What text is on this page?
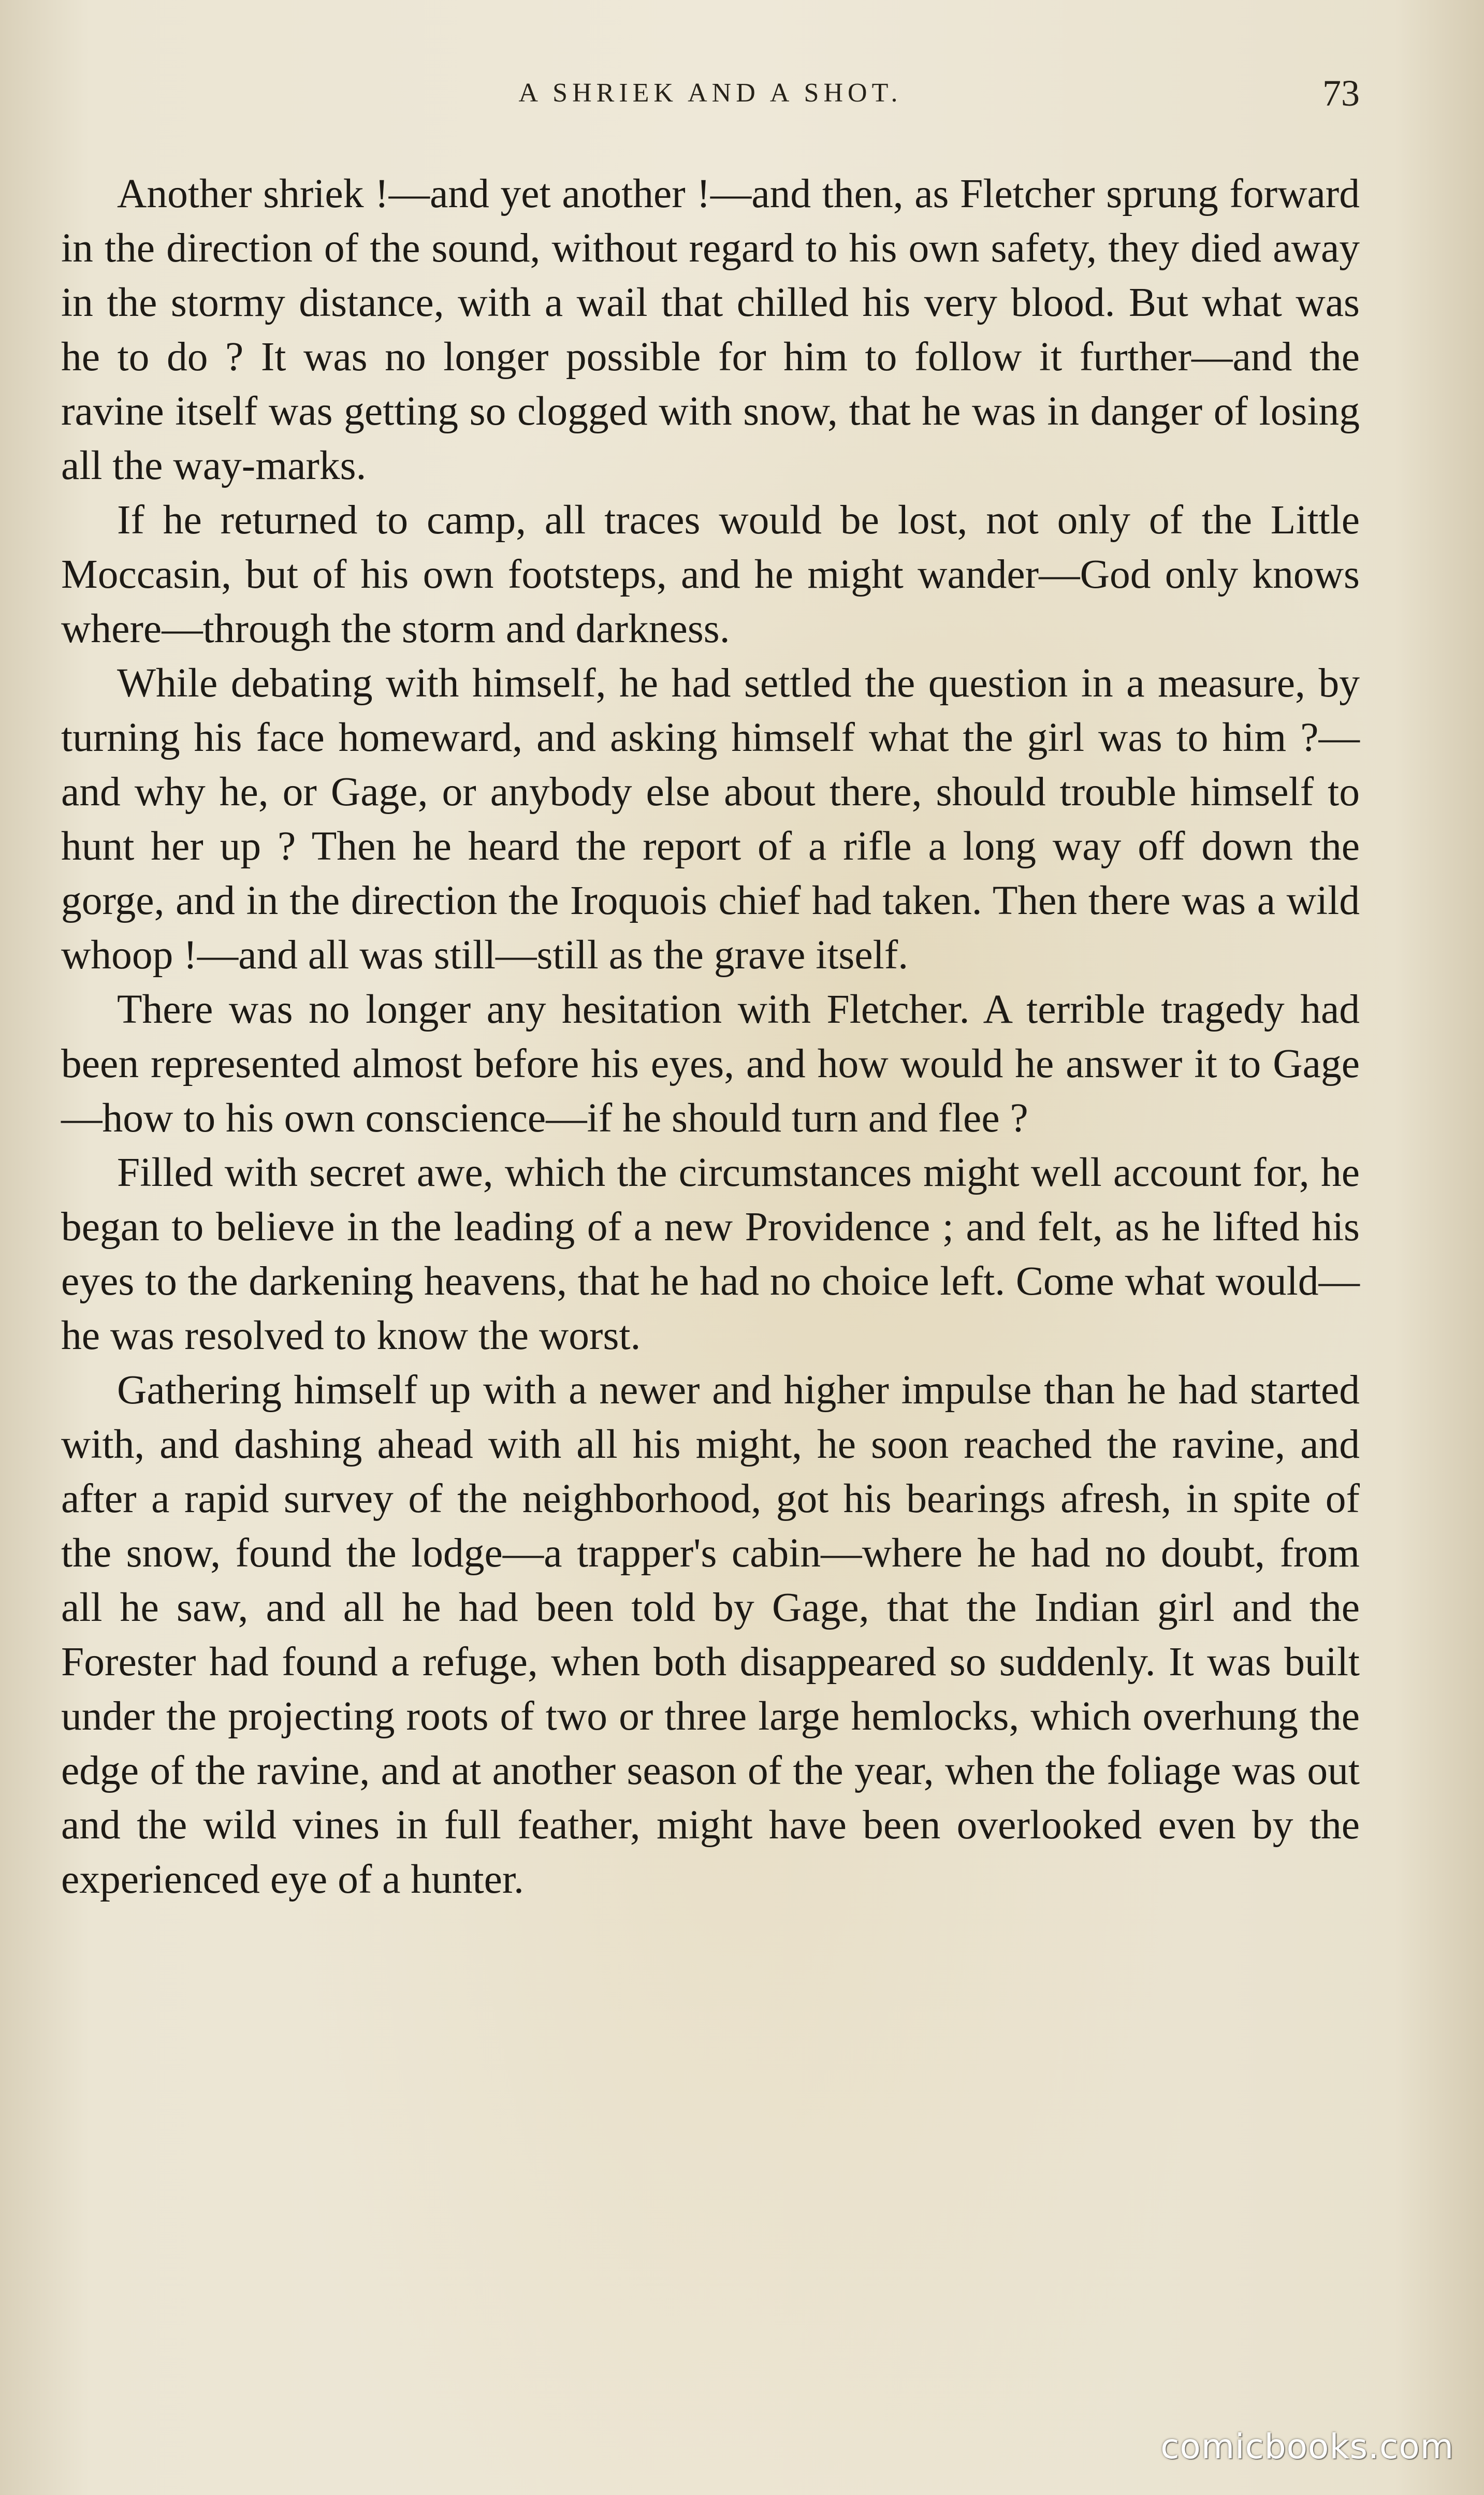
A SHRIEK AND A SHOT.	73

Another shriek !—and yet another !—and then, as Fletcher sprung forward in the direction of the sound, without regard to his own safety, they died away in the stormy distance, with a wail that chilled his very blood. But what was he to do ? It was no longer possible for him to follow it further—and the ravine itself was getting so clogged with snow, that he was in danger of losing all the way-marks.

If he returned to camp, all traces would be lost, not only of the Little Moccasin, but of his own footsteps, and he might wander—God only knows where—through the storm and darkness.

While debating with himself, he had settled the question in a measure, by turning his face homeward, and asking himself what the girl was to him ?—and why he, or Gage, or anybody else about there, should trouble himself to hunt her up ? Then he heard the report of a rifle a long way off down the gorge, and in the direction the Iroquois chief had taken. Then there was a wild whoop !—and all was still—still as the grave itself.

There was no longer any hesitation with Fletcher. A terrible tragedy had been represented almost before his eyes, and how would he answer it to Gage—how to his own conscience—if he should turn and flee ?

Filled with secret awe, which the circumstances might well account for, he began to believe in the leading of a new Providence ; and felt, as he lifted his eyes to the darkening heavens, that he had no choice left. Come what would—he was resolved to know the worst.

Gathering himself up with a newer and higher impulse than he had started with, and dashing ahead with all his might, he soon reached the ravine, and after a rapid survey of the neighborhood, got his bearings afresh, in spite of the snow, found the lodge—a trapper's cabin—where he had no doubt, from all he saw, and all he had been told by Gage, that the Indian girl and the Forester had found a refuge, when both disappeared so suddenly. It was built under the projecting roots of two or three large hemlocks, which overhung the edge of the ravine, and at another season of the year, when the foliage was out and the wild vines in full feather, might have been overlooked even by the experienced eye of a hunter.

comicbooks.com
